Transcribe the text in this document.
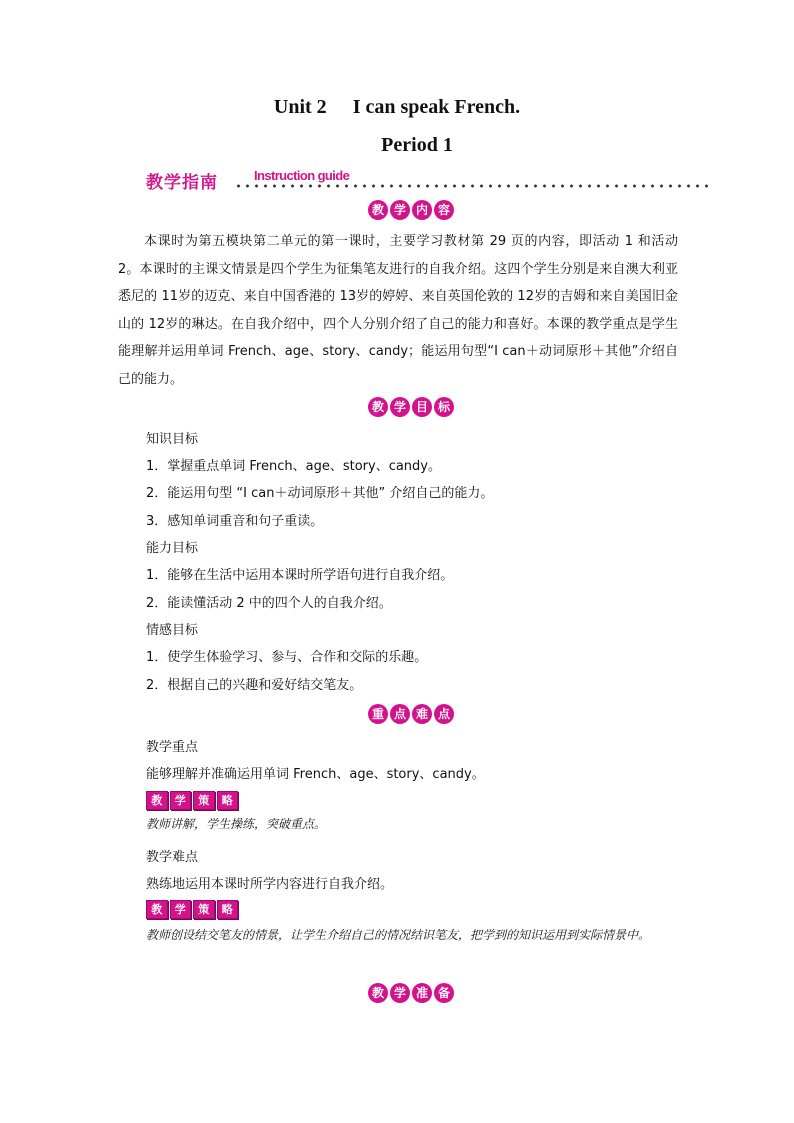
Unit 2 I can speak French.
Period 1
教学指南	Instruction guide
教 学 内 容

本课时为第五模块第二单元的第一课时，主要学习教材第 29 页的内容，即活动 1 和活动 2。本课时的主课文情景是四个学生为征集笔友进行的自我介绍。这四个学生分别是来自澳大利亚悉尼的 11岁的迈克、来自中国香港的 13岁的婷婷、来自英国伦敦的 12岁的吉姆和来自美国旧金山的 12岁的琳达。在自我介绍中，四个人分别介绍了自己的能力和喜好。本课的教学重点是学生能理解并运用单词 French、age、story、candy；能运用句型“I can＋动词原形＋其他”介绍自己的能力。

教 学 目 标

知识目标

1．掌握重点单词 French、age、story、candy。

2．能运用句型 “I can＋动词原形＋其他” 介绍自己的能力。

3．感知单词重音和句子重读。

能力目标

1．能够在生活中运用本课时所学语句进行自我介绍。

2．能读懂活动 2 中的四个人的自我介绍。

情感目标

1．使学生体验学习、参与、合作和交际的乐趣。

2．根据自己的兴趣和爱好结交笔友。

重 点 难 点

教学重点

能够理解并准确运用单词 French、age、story、candy。

教	学	策	略

教师讲解，学生操练，突破重点。

教学难点

熟练地运用本课时所学内容进行自我介绍。

教	学	策	略

教师创设结交笔友的情景，让学生介绍自己的情况结识笔友，把学到的知识运用到实际情景中。

教 学 准 备
